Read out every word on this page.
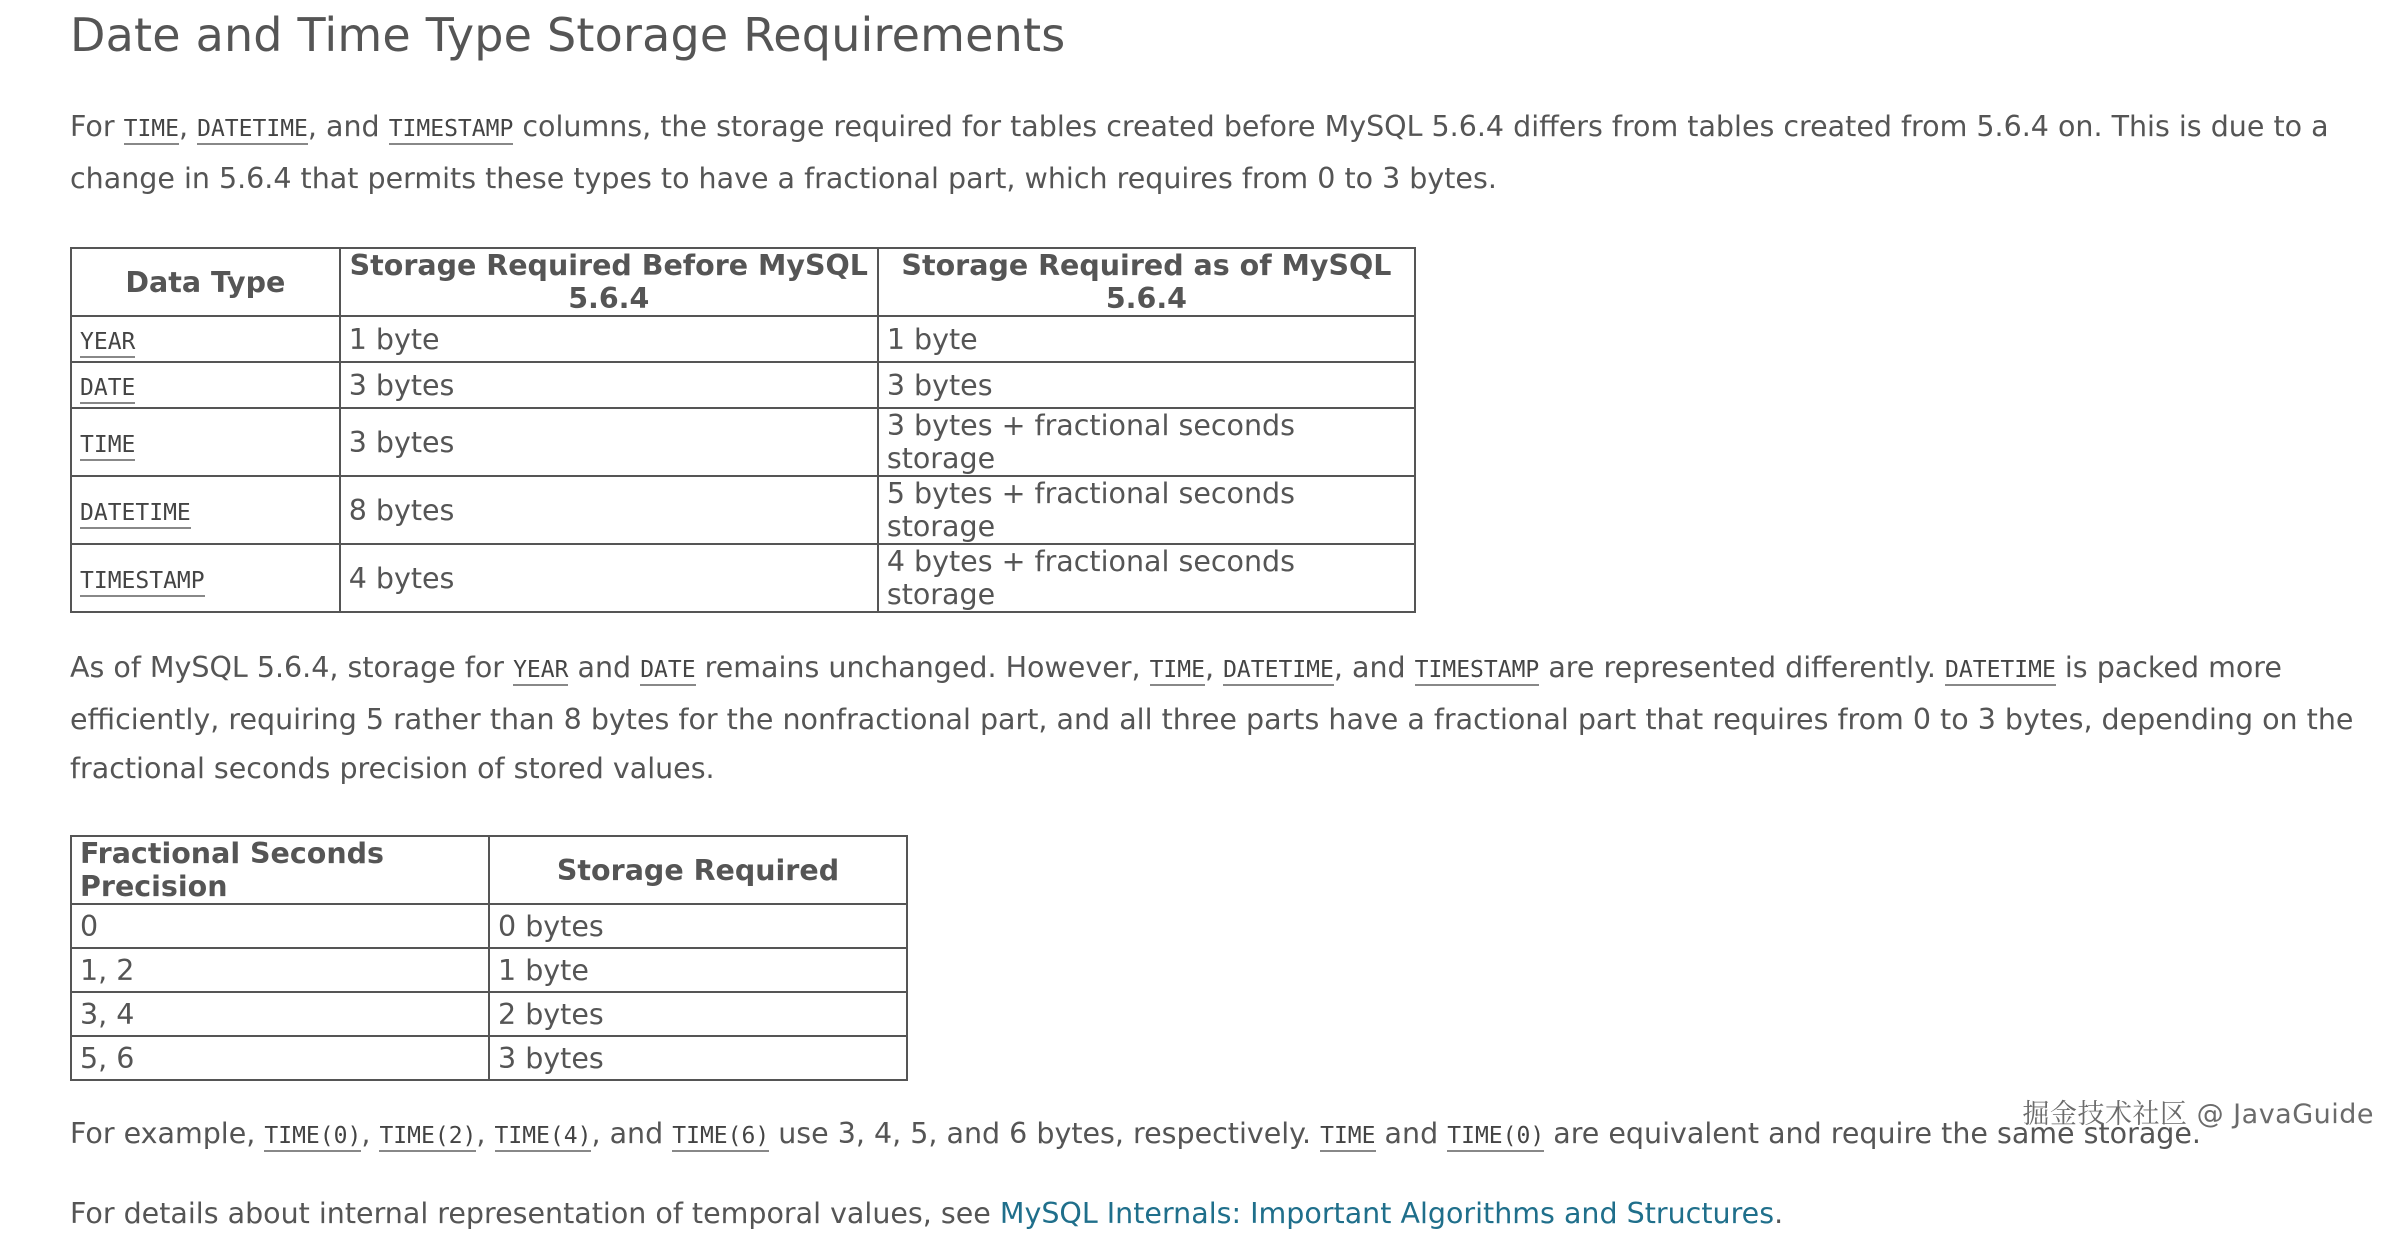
Date and Time Type Storage Requirements

For TIME, DATETIME, and TIMESTAMP columns, the storage required for tables created before MySQL 5.6.4 differs from tables created from 5.6.4 on. This is due to a change in 5.6.4 that permits these types to have a fractional part, which requires from 0 to 3 bytes.

Data Type	Storage Required Before MySQL 5.6.4	Storage Required as of MySQL 5.6.4
YEAR	1 byte	1 byte
DATE	3 bytes	3 bytes
TIME	3 bytes	3 bytes + fractional seconds storage
DATETIME	8 bytes	5 bytes + fractional seconds storage
TIMESTAMP	4 bytes	4 bytes + fractional seconds storage

As of MySQL 5.6.4, storage for YEAR and DATE remains unchanged. However, TIME, DATETIME, and TIMESTAMP are represented differently. DATETIME is packed more efficiently, requiring 5 rather than 8 bytes for the nonfractional part, and all three parts have a fractional part that requires from 0 to 3 bytes, depending on the fractional seconds precision of stored values.

Fractional Seconds Precision	Storage Required
0	0 bytes
1, 2	1 byte
3, 4	2 bytes
5, 6	3 bytes

For example, TIME(0), TIME(2), TIME(4), and TIME(6) use 3, 4, 5, and 6 bytes, respectively. TIME and TIME(0) are equivalent and require the same storage.

For details about internal representation of temporal values, see MySQL Internals: Important Algorithms and Structures.

掘金技术社区 @ JavaGuide
